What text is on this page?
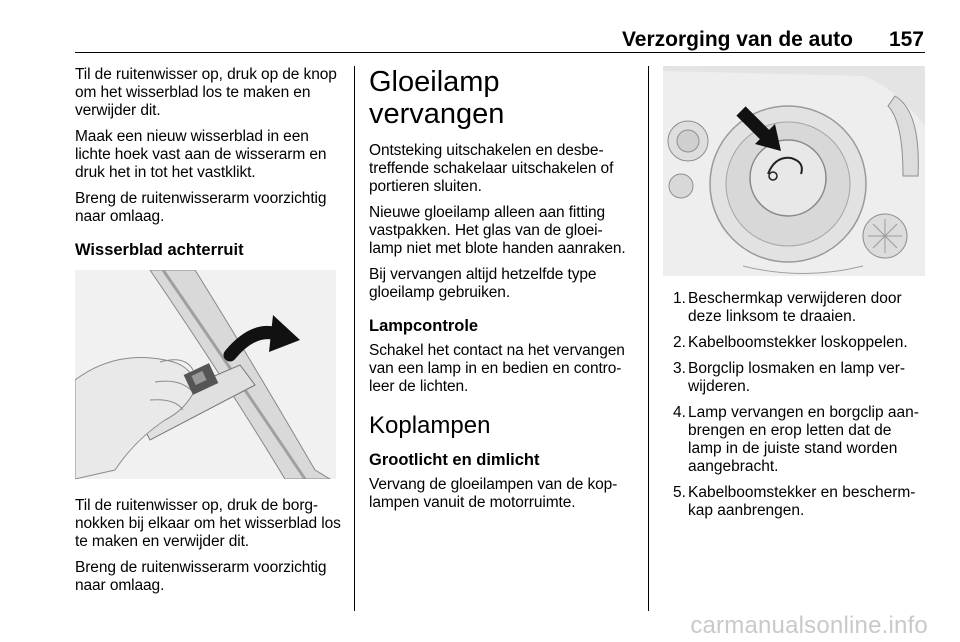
Verzorging van de auto 157

Til de ruitenwisser op, druk op de knop om het wisserblad los te maken en verwijder dit.

Maak een nieuw wisserblad in een lichte hoek vast aan de wisserarm en druk het in tot het vastklikt.

Breng de ruitenwisserarm voorzichtig naar omlaag.

Wisserblad achterruit

Til de ruitenwisser op, druk de borg-nokken bij elkaar om het wisserblad los te maken en verwijder dit.

Breng de ruitenwisserarm voorzichtig naar omlaag.

Gloeilamp vervangen

Ontsteking uitschakelen en desbe-treffende schakelaar uitschakelen of portieren sluiten.

Nieuwe gloeilamp alleen aan fitting vastpakken. Het glas van de gloei-lamp niet met blote handen aanraken.

Bij vervangen altijd hetzelfde type gloeilamp gebruiken.

Lampcontrole

Schakel het contact na het vervangen van een lamp in en bedien en contro-leer de lichten.

Koplampen
Grootlicht en dimlicht

Vervang de gloeilampen van de kop-lampen vanuit de motorruimte.

1. Beschermkap verwijderen door deze linksom te draaien.
2. Kabelboomstekker loskoppelen.
3. Borgclip losmaken en lamp ver-wijderen.
4. Lamp vervangen en borgclip aan-brengen en erop letten dat de lamp in de juiste stand worden aangebracht.
5. Kabelboomstekker en bescherm-kap aanbrengen.
carmanualsonline.info
